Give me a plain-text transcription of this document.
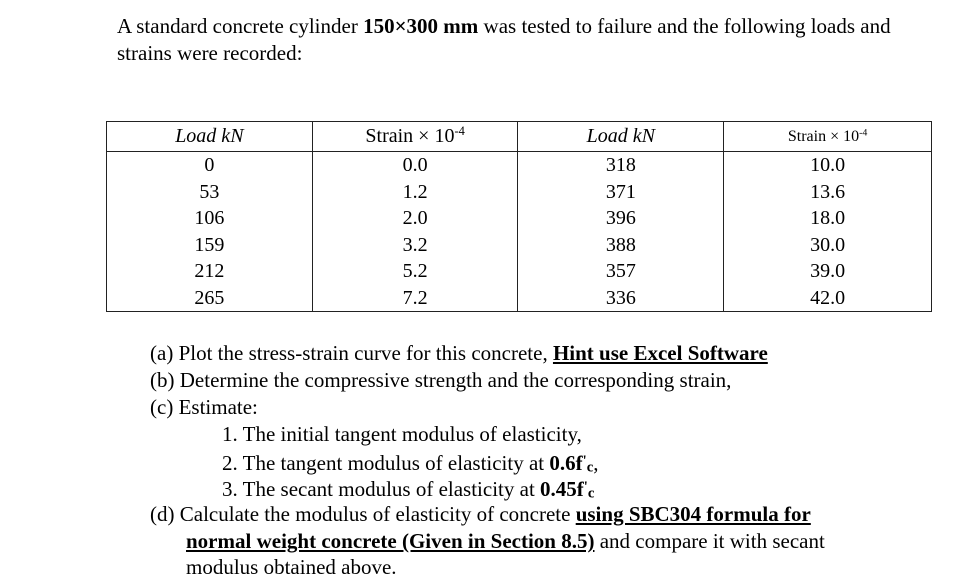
A standard concrete cylinder 150×300 mm was tested to failure and the following loads and strains were recorded:
Load kN	Strain × $10^{-4}$	Load kN	Strain × $10^{-4}$
0	0.0	318	10.0
53	1.2	371	13.6
106	2.0	396	18.0
159	3.2	388	30.0
212	5.2	357	39.0
265	7.2	336	42.0
(a) Plot the stress-strain curve for this concrete, Hint use Excel Software
(b) Determine the compressive strength and the corresponding strain,
(c) Estimate:
1. The initial tangent modulus of elasticity,
2. The tangent modulus of elasticity at 0.6f'c,
3. The secant modulus of elasticity at 0.45f'c
(d) Calculate the modulus of elasticity of concrete using SBC304 formula for
normal weight concrete (Given in Section 8.5) and compare it with secant
modulus obtained above.
